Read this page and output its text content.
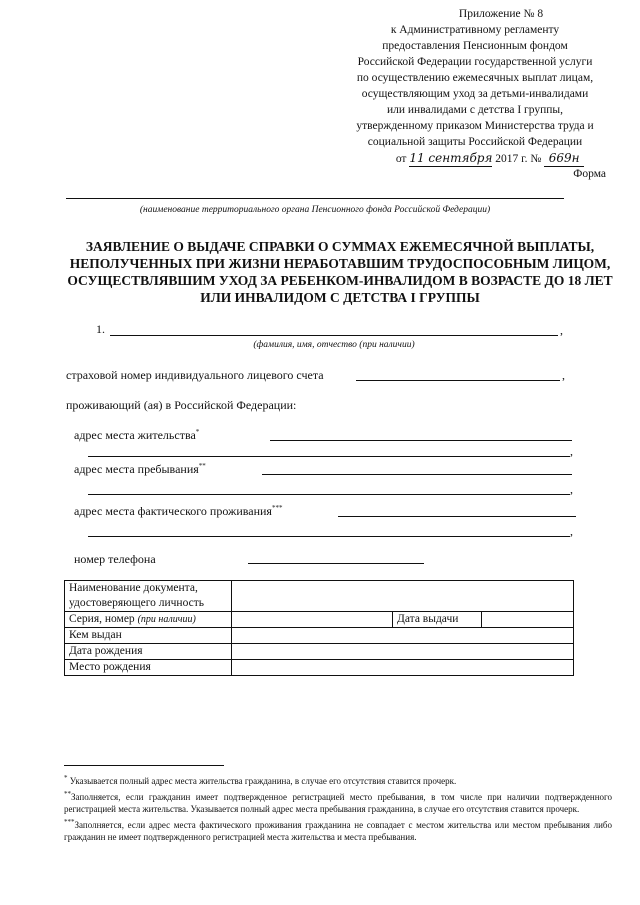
Приложение № 8
к Административному регламенту
предоставления Пенсионным фондом
Российской Федерации государственной услуги
по осуществлению ежемесячных выплат лицам,
осуществляющим уход за детьми-инвалидами
или инвалидами с детства I группы,
утвержденному приказом Министерства труда и
социальной защиты Российской Федерации
от 11 сентября 2017 г. № 669н
Форма
(наименование территориального органа Пенсионного фонда Российской Федерации)
ЗАЯВЛЕНИЕ О ВЫДАЧЕ СПРАВКИ О СУММАХ ЕЖЕМЕСЯЧНОЙ ВЫПЛАТЫ, НЕПОЛУЧЕННЫХ ПРИ ЖИЗНИ НЕРАБОТАВШИМ ТРУДОСПОСОБНЫМ ЛИЦОМ, ОСУЩЕСТВЛЯВШИМ УХОД ЗА РЕБЕНКОМ-ИНВАЛИДОМ В ВОЗРАСТЕ ДО 18 ЛЕТ ИЛИ ИНВАЛИДОМ С ДЕТСТВА I ГРУППЫ
1.	,
(фамилия, имя, отчество (при наличии)
страховой номер индивидуального лицевого счета	,
проживающий (ая) в Российской Федерации:
адрес места жительства*
,
адрес места пребывания**
,
адрес места фактического проживания***
,
номер телефона
Наименование документа,
удостоверяющего личность			

Серия, номер (при наличии)		Дата выдачи	
Кем выдан			
Дата рождения			
Место рождения			

* Указывается полный адрес места жительства гражданина, в случае его отсутствия ставится прочерк.

**Заполняется, если гражданин имеет подтвержденное регистрацией место пребывания, в том числе при наличии подтвержденного регистрацией места жительства. Указывается полный адрес места пребывания гражданина, в случае его отсутствия ставится прочерк.

***Заполняется, если адрес места фактического проживания гражданина не совпадает с местом жительства или местом пребывания либо гражданин не имеет подтвержденного регистрацией места жительства и места пребывания.
